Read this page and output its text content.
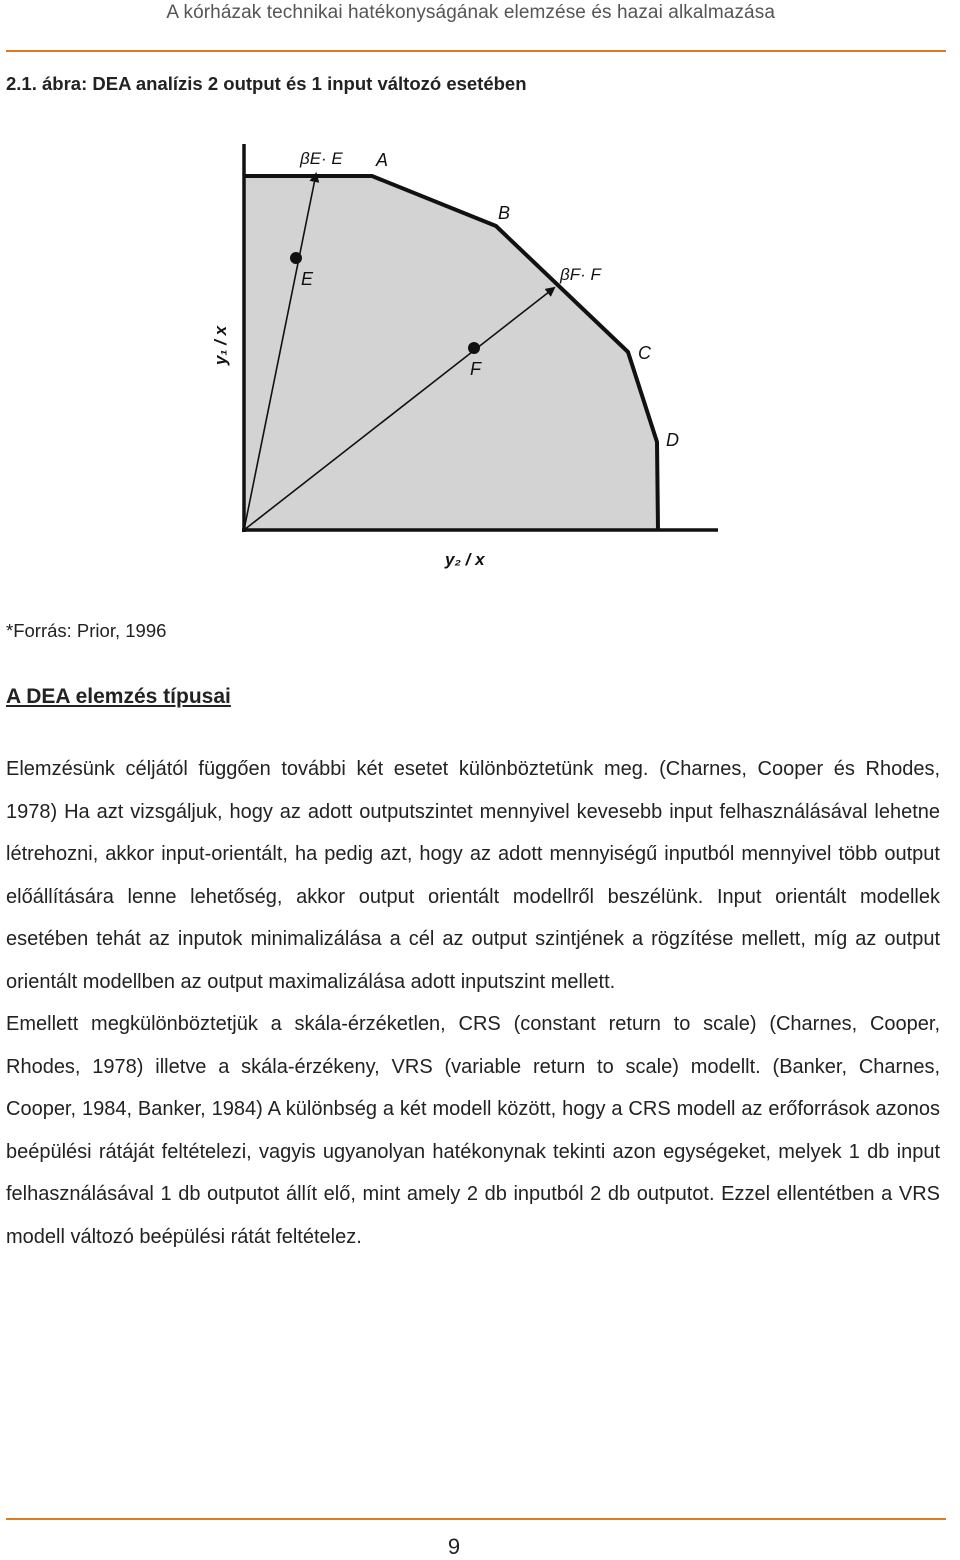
A kórházak technikai hatékonyságának elemzése és hazai alkalmazása
2.1. ábra: DEA analízis 2 output és 1 input változó esetében
βE· E A
B
βF· F
C
D
E
F
y₁ / x
y₂ / x
*Forrás: Prior, 1996
A DEA elemzés típusai

Elemzésünk céljától függően további két esetet különböztetünk meg. (Charnes, Cooper és Rhodes, 1978) Ha azt vizsgáljuk, hogy az adott outputszintet mennyivel kevesebb input felhasználásával lehetne létrehozni, akkor input-orientált, ha pedig azt, hogy az adott mennyiségű inputból mennyivel több output előállítására lenne lehetőség, akkor output orientált modellről beszélünk. Input orientált modellek esetében tehát az inputok minimalizálása a cél az output szintjének a rögzítése mellett, míg az output orientált modellben az output maximalizálása adott inputszint mellett.

Emellett megkülönböztetjük a skála-érzéketlen, CRS (constant return to scale) (Charnes, Cooper, Rhodes, 1978) illetve a skála-érzékeny, VRS (variable return to scale) modellt. (Banker, Charnes, Cooper, 1984, Banker, 1984) A különbség a két modell között, hogy a CRS modell az erőforrások azonos beépülési rátáját feltételezi, vagyis ugyanolyan hatékonynak tekinti azon egységeket, melyek 1 db input felhasználásával 1 db outputot állít elő, mint amely 2 db inputból 2 db outputot. Ezzel ellentétben a VRS modell változó beépülési rátát feltételez.

9
